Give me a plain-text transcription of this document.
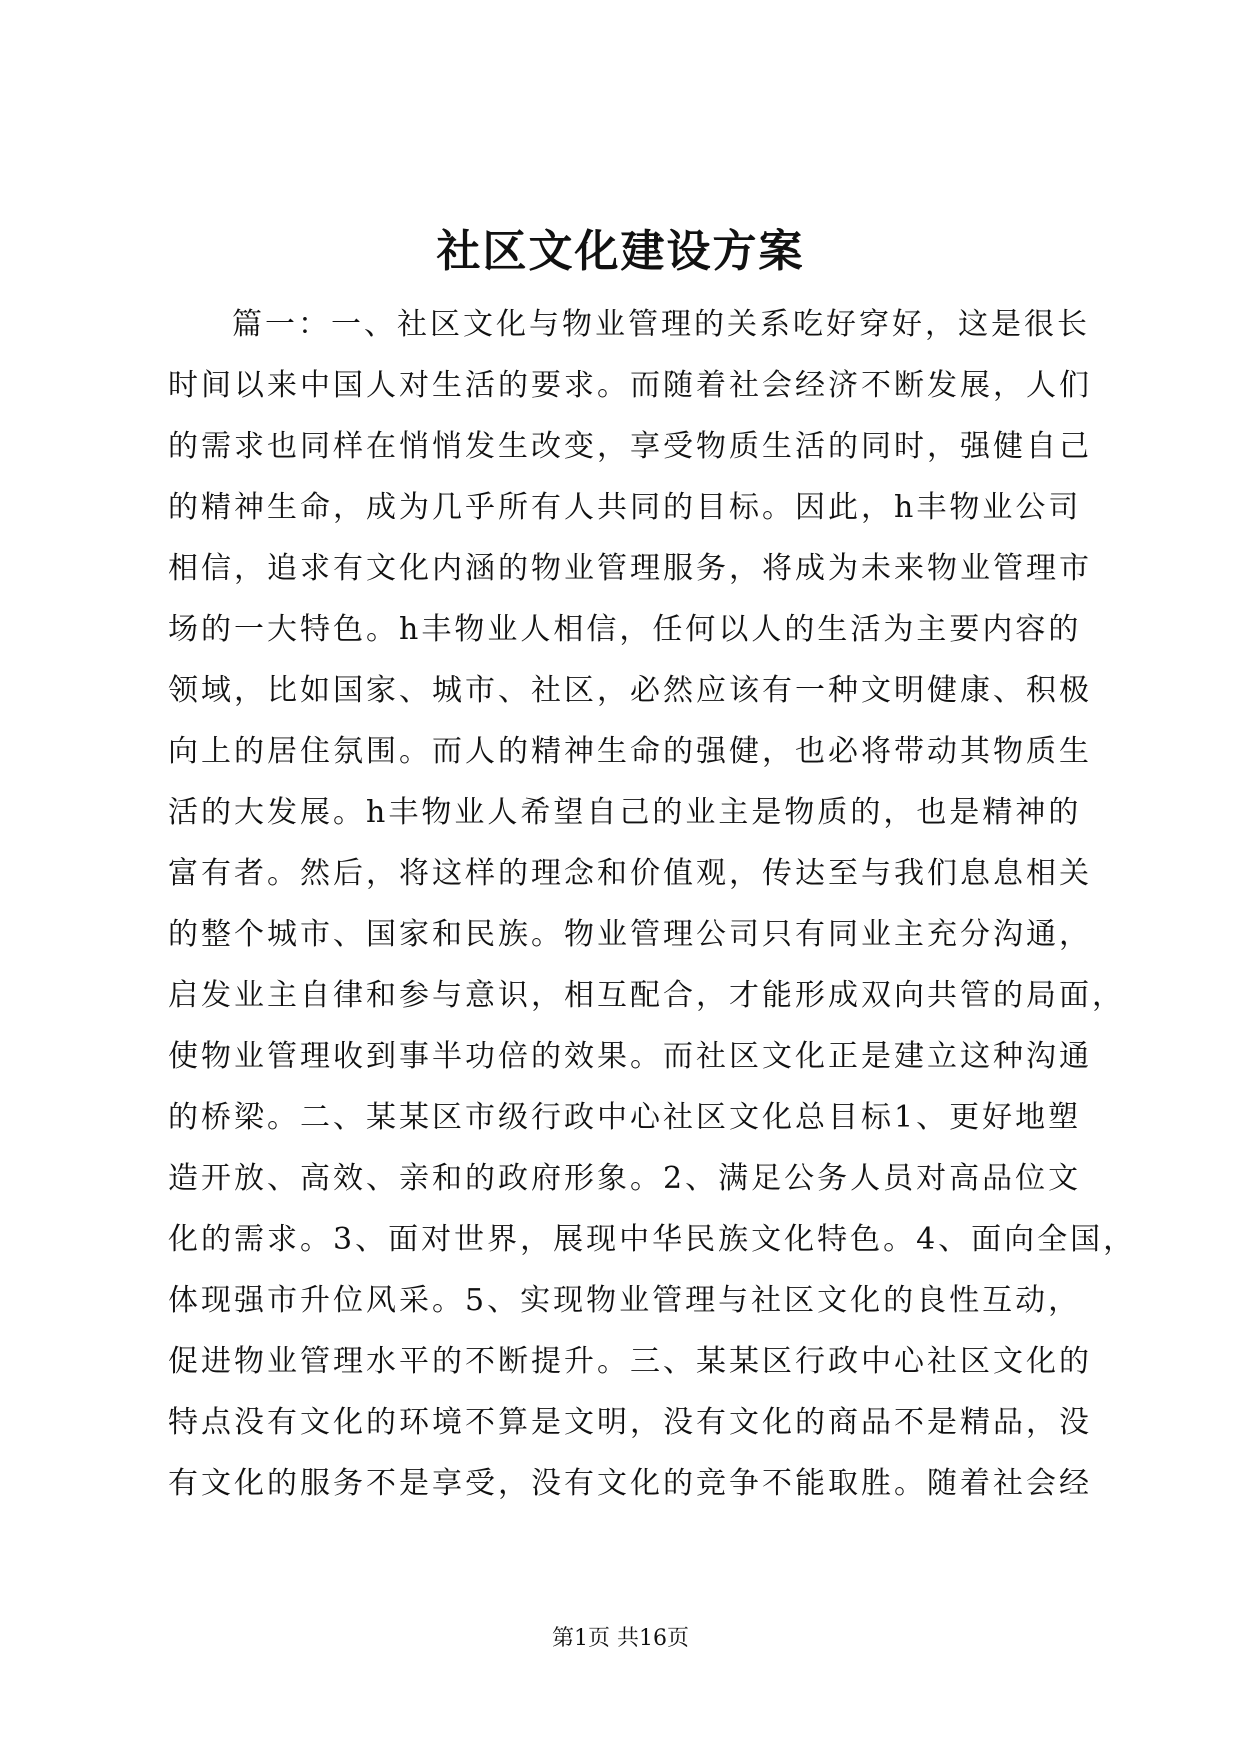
社区文化建设方案
篇一：一、社区文化与物业管理的关系吃好穿好，这是很长
时间以来中国人对生活的要求。而随着社会经济不断发展，人们
的需求也同样在悄悄发生改变，享受物质生活的同时，强健自己
的精神生命，成为几乎所有人共同的目标。因此，h丰物业公司
相信，追求有文化内涵的物业管理服务，将成为未来物业管理市
场的一大特色。h丰物业人相信，任何以人的生活为主要内容的
领域，比如国家、城市、社区，必然应该有一种文明健康、积极
向上的居住氛围。而人的精神生命的强健，也必将带动其物质生
活的大发展。h丰物业人希望自己的业主是物质的，也是精神的
富有者。然后，将这样的理念和价值观，传达至与我们息息相关
的整个城市、国家和民族。物业管理公司只有同业主充分沟通，
启发业主自律和参与意识，相互配合，才能形成双向共管的局面，
使物业管理收到事半功倍的效果。而社区文化正是建立这种沟通
的桥梁。二、某某区市级行政中心社区文化总目标1、更好地塑
造开放、高效、亲和的政府形象。2、满足公务人员对高品位文
化的需求。3、面对世界，展现中华民族文化特色。4、面向全国，
体现强市升位风采。5、实现物业管理与社区文化的良性互动，
促进物业管理水平的不断提升。三、某某区行政中心社区文化的
特点没有文化的环境不算是文明，没有文化的商品不是精品，没
有文化的服务不是享受，没有文化的竞争不能取胜。随着社会经
第1页 共16页
